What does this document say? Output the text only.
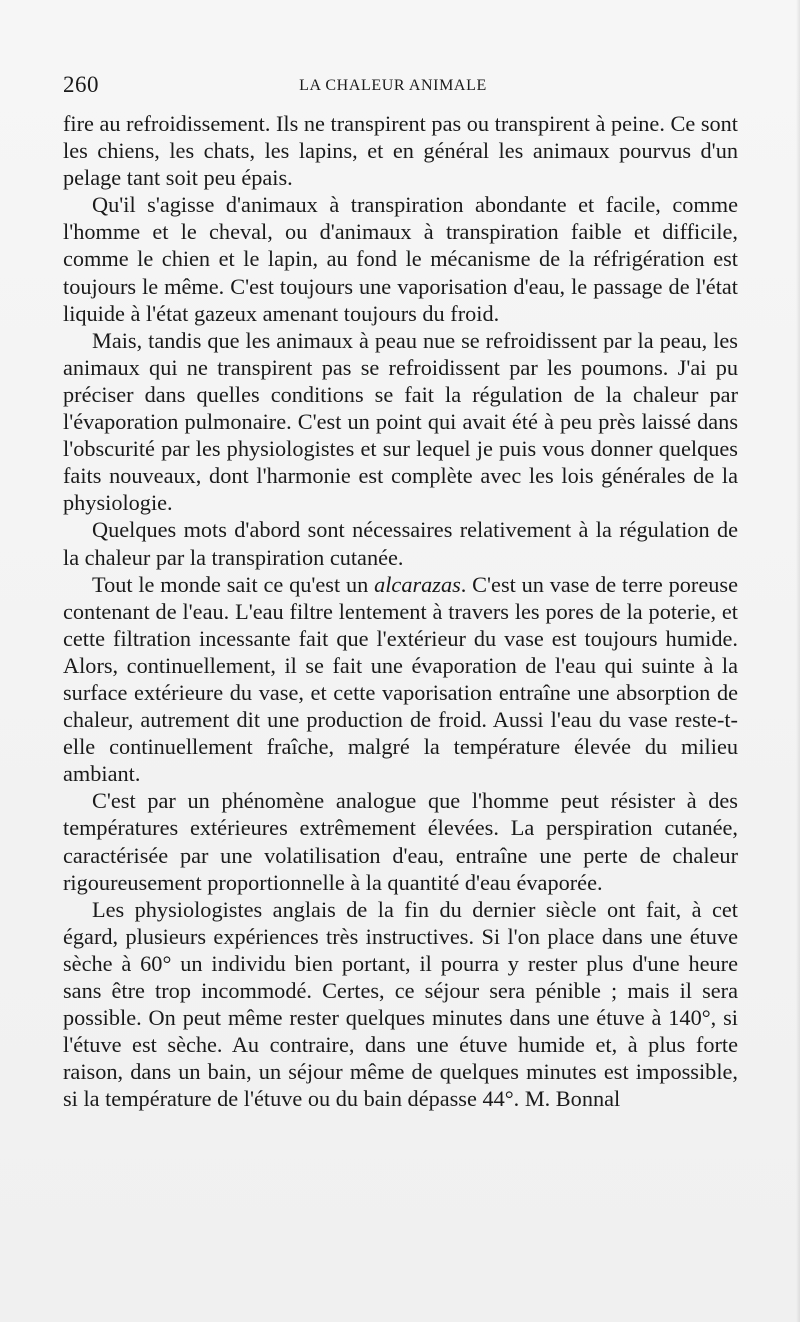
260	LA CHALEUR ANIMALE

fire au refroidissement. Ils ne transpirent pas ou transpirent à peine. Ce sont les chiens, les chats, les lapins, et en général les animaux pourvus d'un pelage tant soit peu épais.

Qu'il s'agisse d'animaux à transpiration abondante et facile, comme l'homme et le cheval, ou d'animaux à transpiration faible et difficile, comme le chien et le lapin, au fond le mécanisme de la réfrigération est toujours le même. C'est toujours une vaporisation d'eau, le passage de l'état liquide à l'état gazeux amenant toujours du froid.

Mais, tandis que les animaux à peau nue se refroidissent par la peau, les animaux qui ne transpirent pas se refroidissent par les poumons. J'ai pu préciser dans quelles conditions se fait la régulation de la chaleur par l'évaporation pulmonaire. C'est un point qui avait été à peu près laissé dans l'obscurité par les physiologistes et sur lequel je puis vous donner quelques faits nouveaux, dont l'harmonie est complète avec les lois générales de la physiologie.

Quelques mots d'abord sont nécessaires relativement à la régulation de la chaleur par la transpiration cutanée.

Tout le monde sait ce qu'est un alcarazas. C'est un vase de terre poreuse contenant de l'eau. L'eau filtre lentement à travers les pores de la poterie, et cette filtration incessante fait que l'extérieur du vase est toujours humide. Alors, continuellement, il se fait une évaporation de l'eau qui suinte à la surface extérieure du vase, et cette vaporisation entraîne une absorption de chaleur, autrement dit une production de froid. Aussi l'eau du vase reste-t-elle continuellement fraîche, malgré la température élevée du milieu ambiant.

C'est par un phénomène analogue que l'homme peut résister à des températures extérieures extrêmement élevées. La perspiration cutanée, caractérisée par une volatilisation d'eau, entraîne une perte de chaleur rigoureusement proportionnelle à la quantité d'eau évaporée.

Les physiologistes anglais de la fin du dernier siècle ont fait, à cet égard, plusieurs expériences très instructives. Si l'on place dans une étuve sèche à 60° un individu bien portant, il pourra y rester plus d'une heure sans être trop incommodé. Certes, ce séjour sera pénible ; mais il sera possible. On peut même rester quelques minutes dans une étuve à 140°, si l'étuve est sèche. Au contraire, dans une étuve humide et, à plus forte raison, dans un bain, un séjour même de quelques minutes est impossible, si la température de l'étuve ou du bain dépasse 44°. M. Bonnal
